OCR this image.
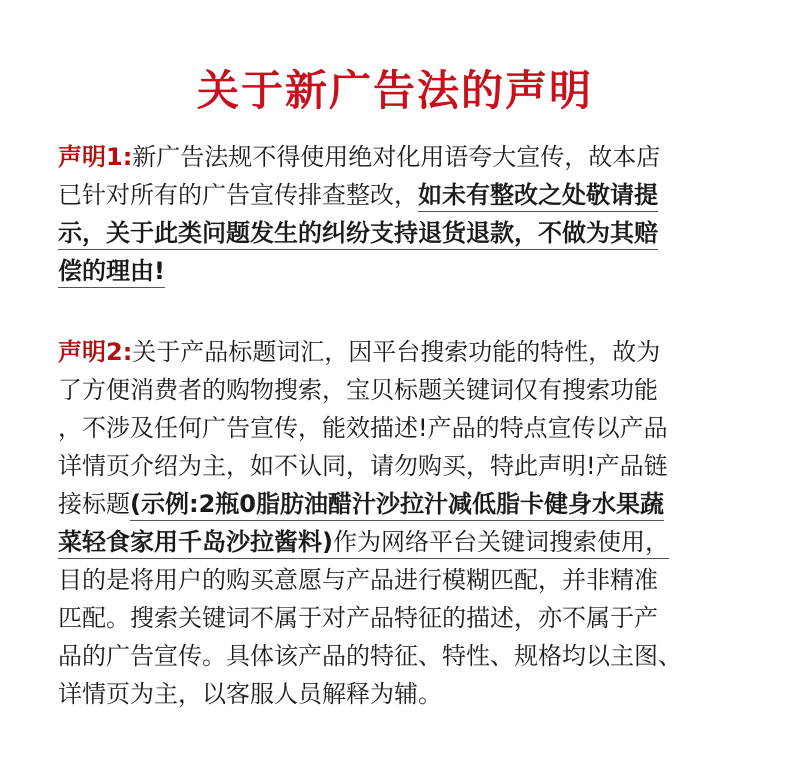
关于新广告法的声明
声明1:新广告法规不得使用绝对化用语夸大宣传，故本店
已针对所有的广告宣传排查整改，如未有整改之处敬请提
示，关于此类问题发生的纠纷支持退货退款，不做为其赔
偿的理由!
声明2:关于产品标题词汇，因平台搜索功能的特性，故为
了方便消费者的购物搜索，宝贝标题关键词仅有搜索功能
，不涉及任何广告宣传，能效描述!产品的特点宣传以产品
详情页介绍为主，如不认同，请勿购买，特此声明!产品链
接标题(示例:2瓶0脂肪油醋汁沙拉汁减低脂卡健身水果蔬
菜轻食家用千岛沙拉酱料)作为网络平台关键词搜索使用，
目的是将用户的购买意愿与产品进行模糊匹配，并非精准
匹配。搜索关键词不属于对产品特征的描述，亦不属于产
品的广告宣传。具体该产品的特征、特性、规格均以主图、
详情页为主，以客服人员解释为辅。
